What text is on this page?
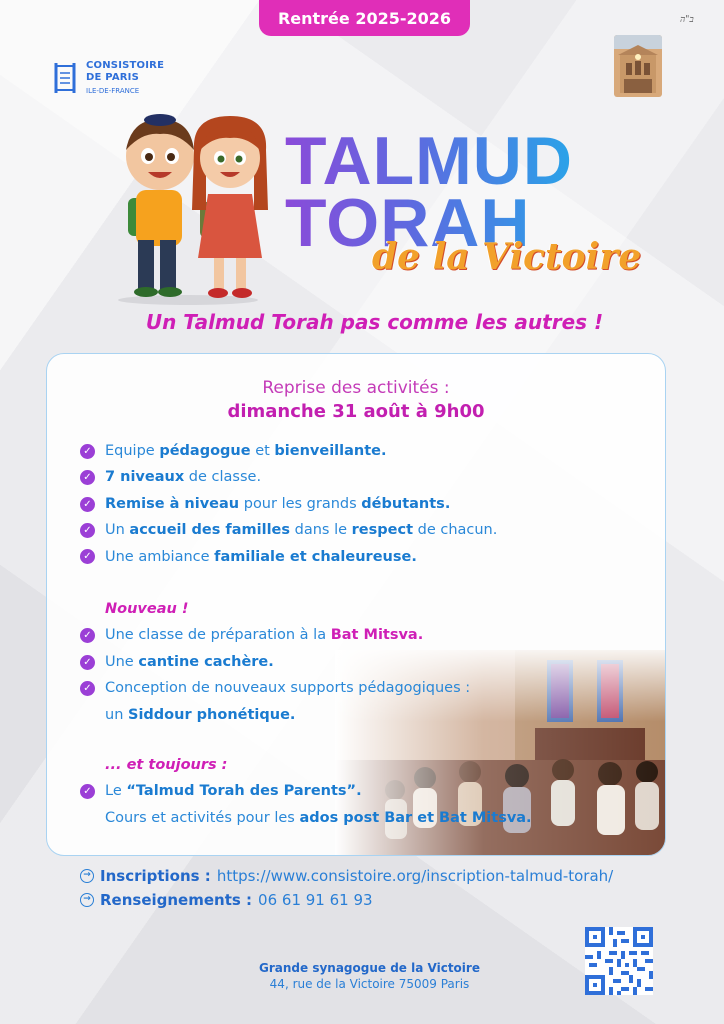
Rentrée 2025-2026	ב"ה
CONSISTOIRE
DE PARIS
ILE-DE-FRANCE
TALMUD
TORAH
de la Victoire
Un Talmud Torah pas comme les autres !
Reprise des activités :
dimanche 31 août à 9h00
✓ Equipe pédagogue et bienveillante.
✓ 7 niveaux de classe.
✓ Remise à niveau pour les grands débutants.
✓ Un accueil des familles dans le respect de chacun.
✓ Une ambiance familiale et chaleureuse.
Nouveau !
✓ Une classe de préparation à la Bat Mitsva.
✓ Une cantine cachère.
✓ Conception de nouveaux supports pédagogiques :
un Siddour phonétique.
... et toujours :
✓ Le “Talmud Torah des Parents”.
Cours et activités pour les ados post Bar et Bat Mitsva.
→ Inscriptions : https://www.consistoire.org/inscription-talmud-torah/
→ Renseignements : 06 61 91 61 93
Grande synagogue de la Victoire
44, rue de la Victoire 75009 Paris
